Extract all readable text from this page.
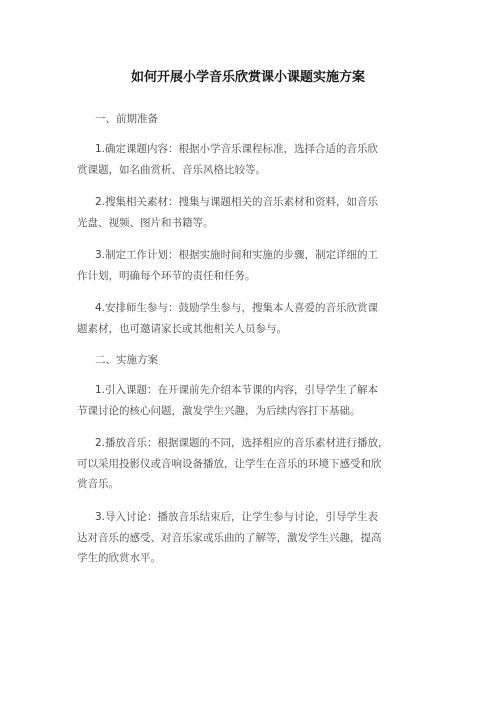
如何开展小学音乐欣赏课小课题实施方案
一、前期准备
1.确定课题内容：根据小学音乐课程标准，选择合适的音乐欣
赏课题，如名曲赏析、音乐风格比较等。
2.搜集相关素材：搜集与课题相关的音乐素材和资料，如音乐
光盘、视频、图片和书籍等。
3.制定工作计划：根据实施时间和实施的步骤，制定详细的工
作计划，明确每个环节的责任和任务。
4.安排师生参与：鼓励学生参与，搜集本人喜爱的音乐欣赏课
题素材，也可邀请家长或其他相关人员参与。
二、实施方案
1.引入课题：在开课前先介绍本节课的内容，引导学生了解本
节课讨论的核心问题，激发学生兴趣，为后续内容打下基础。
2.播放音乐：根据课题的不同，选择相应的音乐素材进行播放，
可以采用投影仪或音响设备播放，让学生在音乐的环境下感受和欣
赏音乐。
3.导入讨论：播放音乐结束后，让学生参与讨论，引导学生表
达对音乐的感受、对音乐家或乐曲的了解等，激发学生兴趣，提高
学生的欣赏水平。
